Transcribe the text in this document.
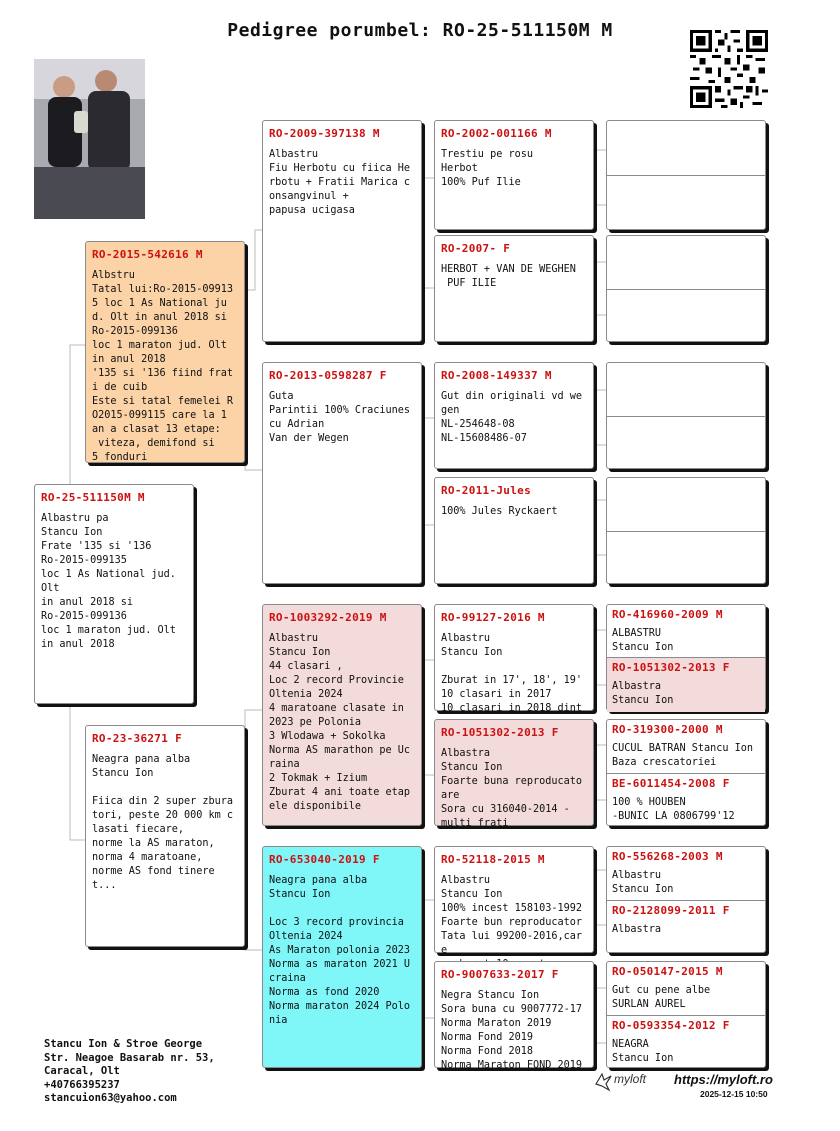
Pedigree porumbel: RO-25-511150M M
RO-25-511150M M
Albastru pa
Stancu Ion
Frate '135 si '136
Ro-2015-099135
loc 1 As National jud. Olt
in anul 2018 si
Ro-2015-099136
loc 1 maraton jud. Olt in anul 2018
RO-2015-542616 M
Albstru
Tatal lui:Ro-2015-099135 loc 1 As National jud. Olt in anul 2018 si
Ro-2015-099136
loc 1 maraton jud. Olt in anul 2018
'135 si '136 fiind frati de cuib
Este si tatal femelei RO2015-099115 care la 1 an a clasat 13 etape:
viteza, demifond si
5 fonduri
RO-23-36271 F
Neagra pana alba
Stancu Ion

Fiica din 2 super zburatori, peste 20 000 km clasati fiecare,
norme la AS maraton,
norma 4 maratoane,
norme AS fond tineret...
RO-2009-397138 M
Albastru
Fiu Herbotu cu fiica Herbotu + Fratii Marica consangvinul +
papusa ucigasa
RO-2013-0598287 F
Guta
Parintii 100% Craciunescu Adrian
Van der Wegen
RO-1003292-2019 M
Albastru
Stancu Ion
44 clasari ,
Loc 2 record Provincie Oltenia 2024
4 maratoane clasate in 2023 pe Polonia
3 Wlodawa + Sokolka
Norma AS marathon pe Ucraina
2 Tokmak + Izium
Zburat 4 ani toate etapele disponibile
RO-653040-2019 F
Neagra pana alba
Stancu Ion

Loc 3 record provincia Oltenia 2024
As Maraton polonia 2023
Norma as maraton 2021 Ucraina
Norma as fond 2020
Norma maraton 2024 Polonia
RO-2002-001166 M
Trestiu pe rosu
Herbot
100% Puf Ilie
RO-2007- F
HERBOT + VAN DE WEGHEN
PUF ILIE
RO-2008-149337 M
Gut din originali vd wegen
NL-254648-08
NL-15608486-07
RO-2011-Jules
100% Jules Ryckaert
RO-99127-2016 M
Albastru
Stancu Ion

Zburat in 17', 18', 19'
10 clasari in 2017
10 clasari in 2018 dint
RO-1051302-2013 F
Albastra
Stancu Ion
Foarte buna reproducatoare
Sora cu 316040-2014 -
multi frati
RO-52118-2015 M
Albastru
Stancu Ion
100% incest 158103-1992
Foarte bun reproducator
Tata lui 99200-2016,care

RO-9007633-2017 F
Negra Stancu Ion
Sora buna cu 9007772-17
Norma Maraton 2019
Norma Fond 2019
Norma Fond 2018
Norma Maraton FOND 2019
RO-416960-2009 M
ALBASTRU
Stancu Ion
RO-1051302-2013 F
Albastra
Stancu Ion
RO-319300-2000 M
CUCUL BATRAN Stancu Ion
Baza crescatoriei
BE-6011454-2008 F
100 % HOUBEN
-BUNIC LA 0806799'12
RO-556268-2003 M
Albastru
Stancu Ion
RO-2128099-2011 F
Albastra
RO-050147-2015 M
Gut cu pene albe
SURLAN AUREL
RO-0593354-2012 F
NEAGRA
Stancu Ion
Stancu Ion & Stroe George
Str. Neagoe Basarab nr. 53,
Caracal, Olt
+40766395237
stancuion63@yahoo.com
myloft https://myloft.ro
2025-12-15 10:50
